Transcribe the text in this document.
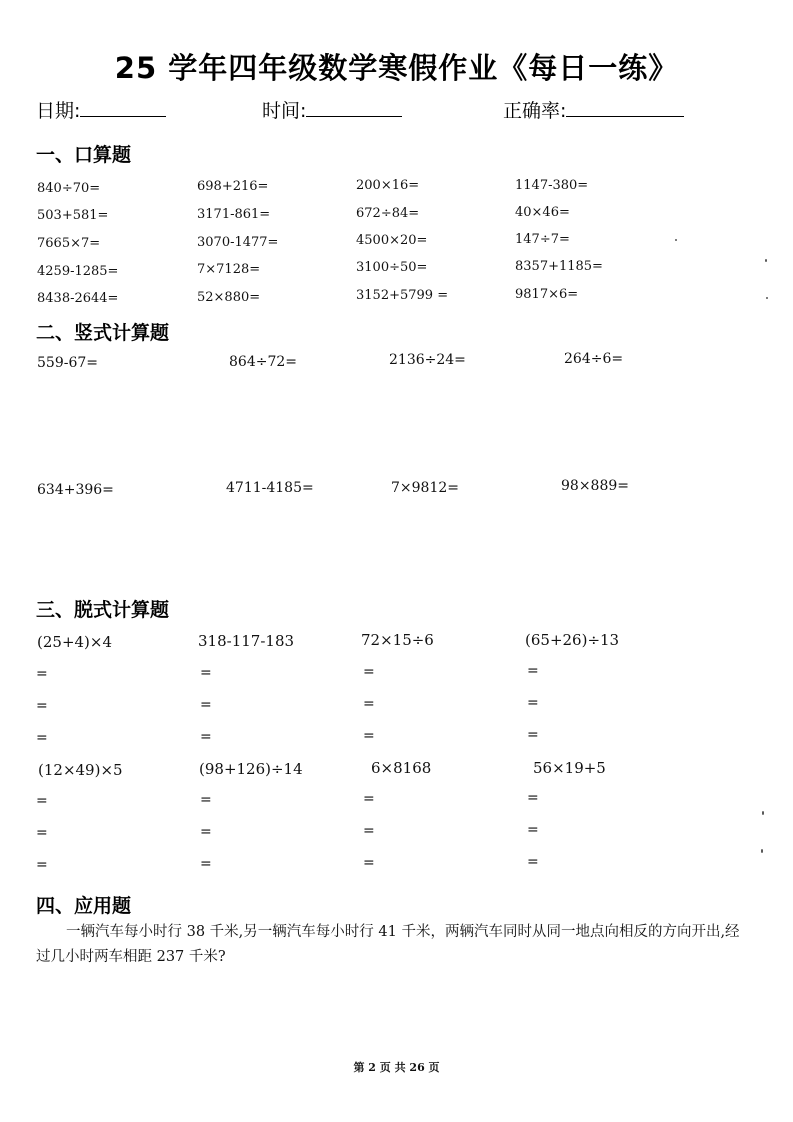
25 学年四年级数学寒假作业《每日一练》
日期:	时间:	正确率:
一、口算题
840÷70=	698+216=	200×16=	1147-380=
503+581=	3171-861=	672÷84=	40×46=
7665×7=	3070-1477=	4500×20=	147÷7=
4259-1285=	7×7128=	3100÷50=	8357+1185=
8438-2644=	52×880=	3152+5799 =	9817×6=
二、竖式计算题
559-67=	864÷72=	2136÷24=	264÷6=
634+396=	4711-4185=	7×9812=	98×889=
三、脱式计算题
(25+4)×4	318-117-183	72×15÷6	(65+26)÷13
=	=	=	=
=	=	=	=
=	=	=	=
(12×49)×5	(98+126)÷14	6×8168	56×19+5
=	=	=	=
=	=	=	=
=	=	=	=
四、应用题
一辆汽车每小时行 38 千米,另一辆汽车每小时行 41 千米，两辆汽车同时从同一地点向相反的方向开出,经过几小时两车相距 237 千米?
第 2 页 共 26 页
